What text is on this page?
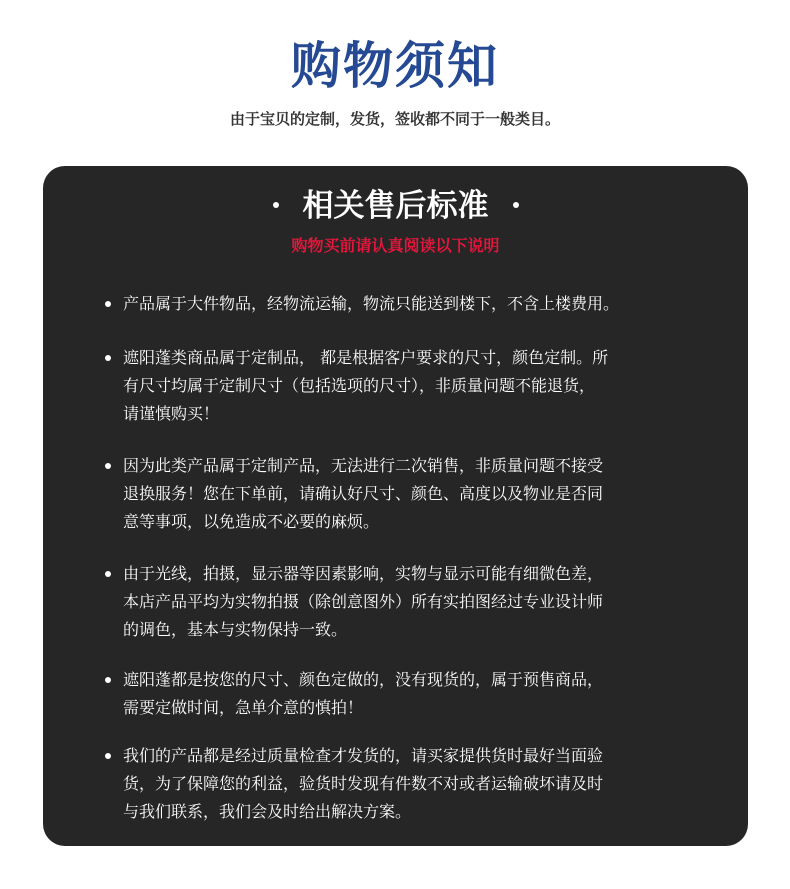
购物须知
由于宝贝的定制，发货，签收都不同于一般类目。
相关售后标准
购物买前请认真阅读以下说明
产品属于大件物品，经物流运输，物流只能送到楼下，不含上楼费用。
遮阳蓬类商品属于定制品， 都是根据客户要求的尺寸，颜色定制。所
有尺寸均属于定制尺寸（包括选项的尺寸），非质量问题不能退货，
请谨慎购买！
因为此类产品属于定制产品，无法进行二次销售，非质量问题不接受
退换服务！您在下单前，请确认好尺寸、颜色、高度以及物业是否同
意等事项，以免造成不必要的麻烦。
由于光线，拍摄，显示器等因素影响，实物与显示可能有细微色差，
本店产品平均为实物拍摄（除创意图外）所有实拍图经过专业设计师
的调色，基本与实物保持一致。
遮阳蓬都是按您的尺寸、颜色定做的，没有现货的，属于预售商品，
需要定做时间，急单介意的慎拍！
我们的产品都是经过质量检查才发货的，请买家提供货时最好当面验
货，为了保障您的利益，验货时发现有件数不对或者运输破坏请及时
与我们联系，我们会及时给出解决方案。
